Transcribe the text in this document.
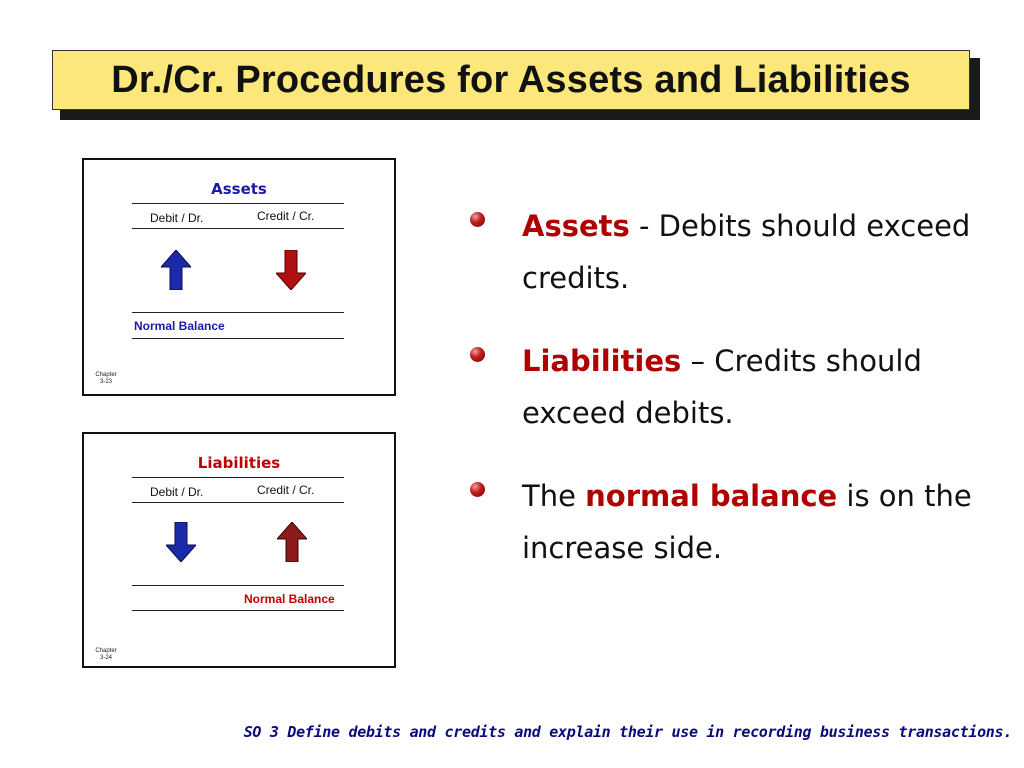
Dr./Cr. Procedures for Assets and Liabilities
Assets
Debit / Dr.	Credit / Cr.
Normal Balance
Chapter
3-23
Liabilities
Debit / Dr.	Credit / Cr.
Normal Balance
Chapter
3-24
Assets - Debits should exceed credits.
Liabilities – Credits should exceed debits.
The normal balance is on the increase side.
SO 3 Define debits and credits and explain their use in recording business transactions.
